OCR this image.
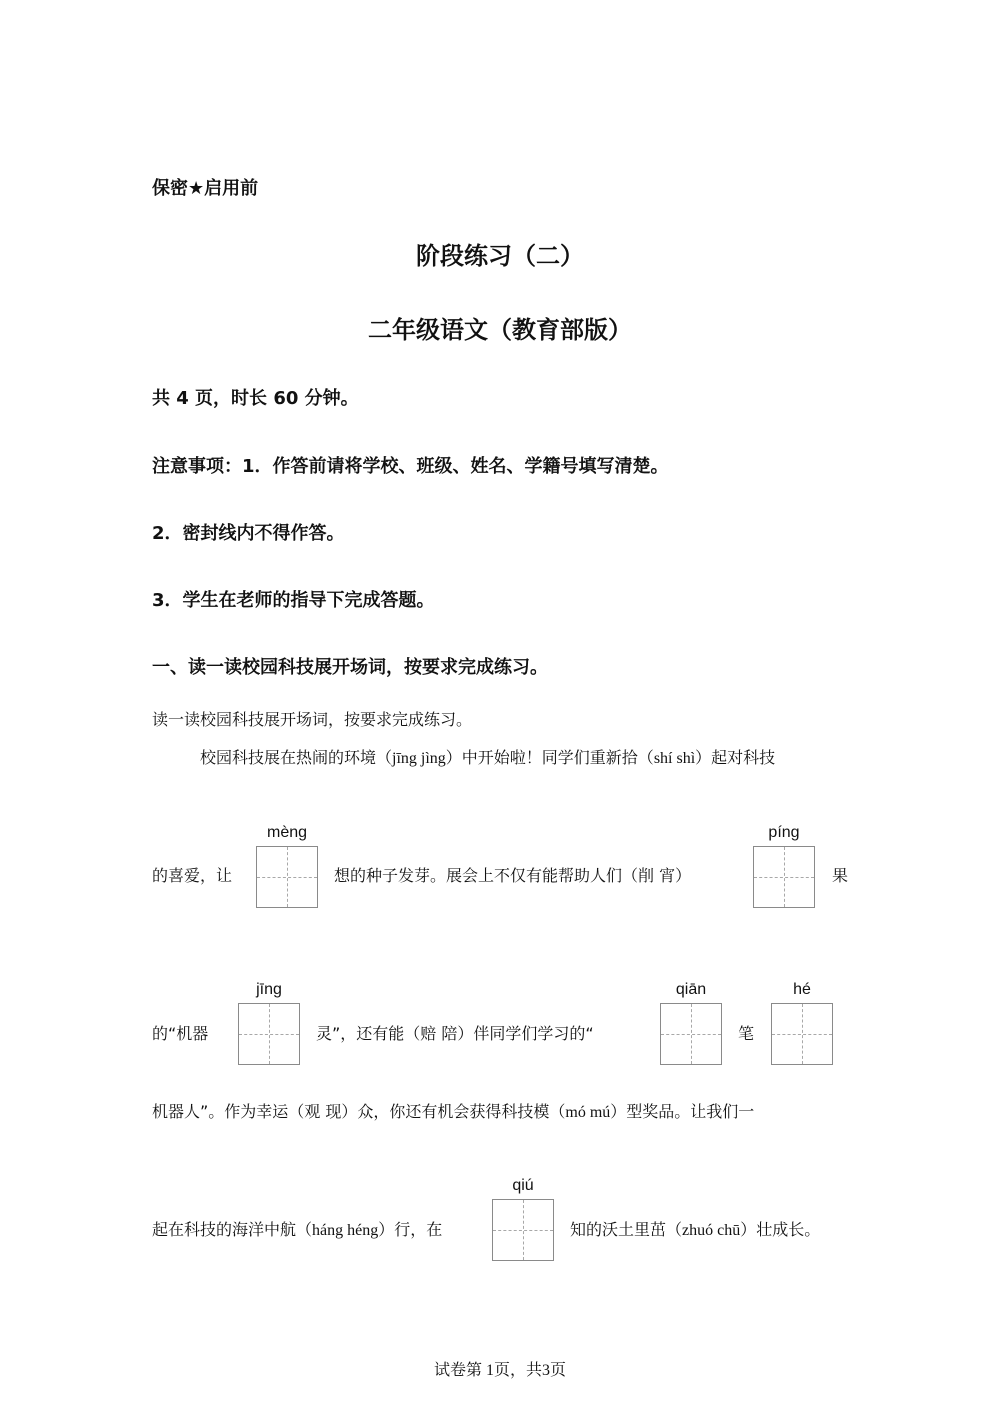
保密★启用前
阶段练习（二）
二年级语文（教育部版）
共 4 页，时长 60 分钟。
注意事项：1．作答前请将学校、班级、姓名、学籍号填写清楚。
2．密封线内不得作答。
3．学生在老师的指导下完成答题。
一、读一读校园科技展开场词，按要求完成练习。
读一读校园科技展开场词，按要求完成练习。
校园科技展在热闹的环境（jīng jìng）中开始啦！同学们重新拾（shí shì）起对科技
的喜爱，让
mèng
想的种子发芽。展会上不仅有能帮助人们（削 宵）
píng
果
的“机器
jīng
灵”，还有能（赔 陪）伴同学们学习的“
qiān
笔
hé
机器人”。作为幸运（观 现）众，你还有机会获得科技模（mó mú）型奖品。让我们一
起在科技的海洋中航（háng héng）行，在
qiú
知的沃土里茁（zhuó chū）壮成长。
试卷第 1页，共3页
